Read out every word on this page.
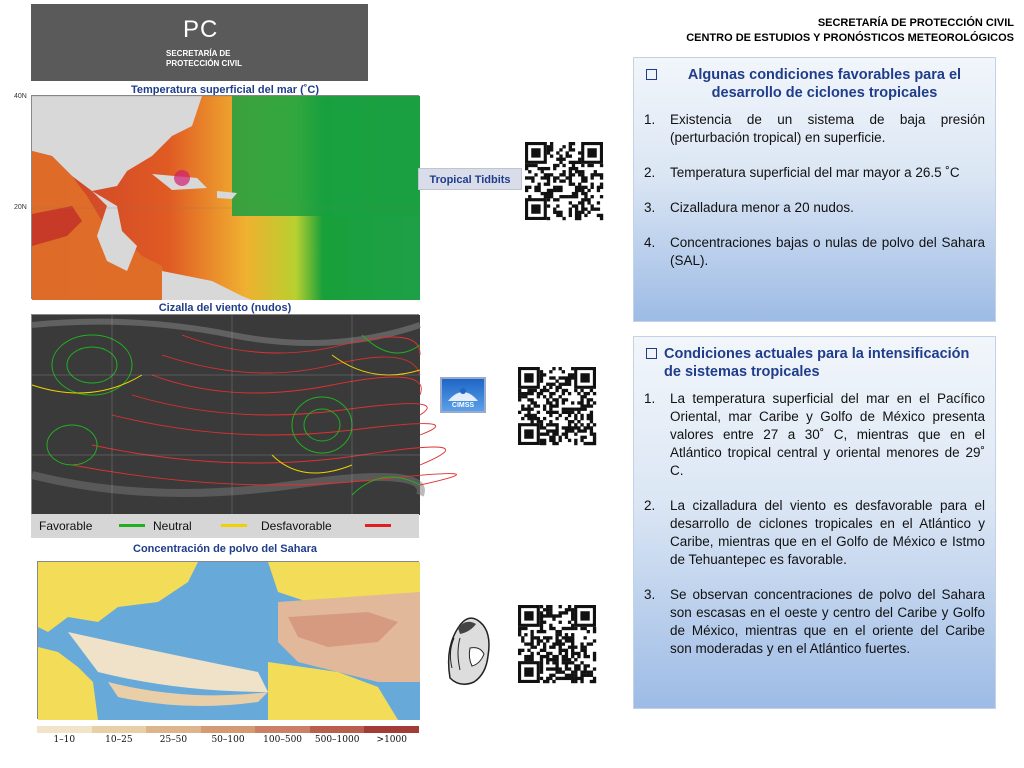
PC
SECRETARÍA DE
PROTECCIÓN CIVIL
SECRETARÍA DE PROTECCIÓN CIVIL
CENTRO DE ESTUDIOS Y PRONÓSTICOS METEOROLÓGICOS
Temperatura superficial del mar (˚C)
40N
20N
Cizalla del viento (nudos)
Favorable	Neutral	Desfavorable
Concentración de polvo del Sahara
1–10	10–25	25–50	50–100	100–500	500–1000	>1000
Tropical Tidbits
CIMSS
Algunas condiciones favorables para el desarrollo de ciclones tropicales
1.	Existencia de un sistema de baja presión (perturbación tropical) en superficie.
2.	Temperatura superficial del mar mayor a 26.5 ˚C
3.	Cizalladura menor a 20 nudos.
4.	Concentraciones bajas o nulas de polvo del Sahara (SAL).
Condiciones actuales para la intensificación de sistemas tropicales
1.	La temperatura superficial del mar en el Pacífico Oriental, mar Caribe y Golfo de México presenta valores entre 27 a 30˚ C, mientras que en el Atlántico tropical central y oriental menores de 29˚ C.
2.	La cizalladura del viento es desfavorable para el desarrollo de ciclones tropicales en el Atlántico y Caribe, mientras que en el Golfo de México e Istmo de Tehuantepec es favorable.
3.	Se observan concentraciones de polvo del Sahara son escasas en el oeste y centro del Caribe y Golfo de México, mientras que en el oriente del Caribe son moderadas y en el Atlántico fuertes.
